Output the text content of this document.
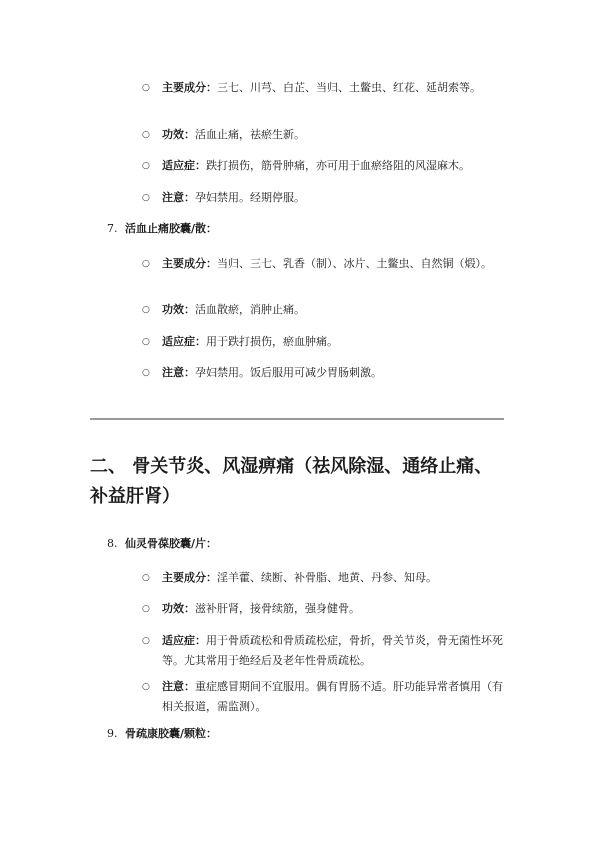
○ 主要成分：三七、川芎、白芷、当归、土鳖虫、红花、延胡索等。
○ 功效：活血止痛，祛瘀生新。
○ 适应症：跌打损伤，筋骨肿痛，亦可用于血瘀络阻的风湿麻木。
○ 注意：孕妇禁用。经期停服。
7. 活血止痛胶囊/散：
○ 主要成分：当归、三七、乳香（制）、冰片、土鳖虫、自然铜（煅）。
○ 功效：活血散瘀，消肿止痛。
○ 适应症：用于跌打损伤，瘀血肿痛。
○ 注意：孕妇禁用。饭后服用可减少胃肠刺激。
二、 骨关节炎、风湿痹痛（祛风除湿、通络止痛、补益肝肾）
8. 仙灵骨葆胶囊/片：
○ 主要成分：淫羊藿、续断、补骨脂、地黄、丹参、知母。
○ 功效：滋补肝肾，接骨续筋，强身健骨。
○ 适应症：用于骨质疏松和骨质疏松症，骨折，骨关节炎，骨无菌性坏死等。尤其常用于绝经后及老年性骨质疏松。
○ 注意：重症感冒期间不宜服用。偶有胃肠不适。肝功能异常者慎用（有相关报道，需监测）。
9. 骨疏康胶囊/颗粒：
